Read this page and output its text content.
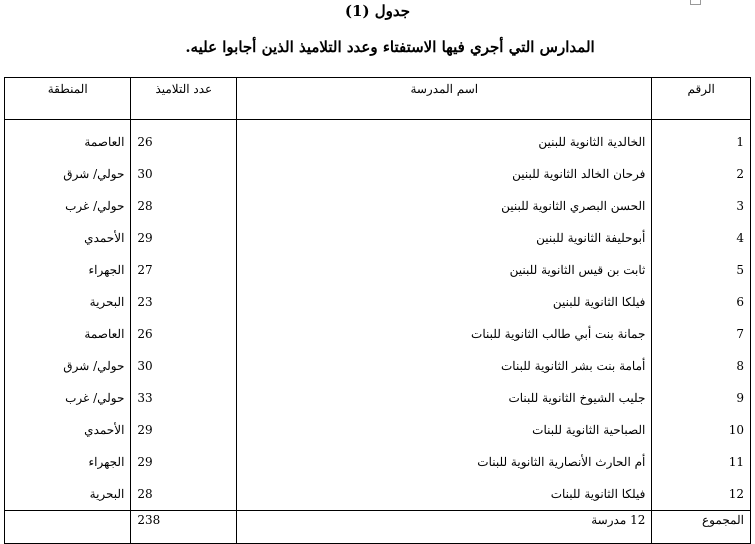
جدول (1)
المدارس التي أجري فيها الاستفتاء وعدد التلاميذ الذين أجابوا عليه.
الرقم	اسم المدرسة	عدد التلاميذ	المنطقة
1	الخالدية الثانوية للبنين	26	العاصمة
2	فرحان الخالد الثانوية للبنين	30	حولي/ شرق
3	الحسن البصري الثانوية للبنين	28	حولي/ غرب
4	أبوحليفة الثانوية للبنين	29	الأحمدي
5	ثابت بن قيس الثانوية للبنين	27	الجهراء
6	فيلكا الثانوية للبنين	23	البحرية
7	جمانة بنت أبي طالب الثانوية للبنات	26	العاصمة
8	أمامة بنت بشر الثانوية للبنات	30	حولي/ شرق
9	جليب الشيوخ الثانوية للبنات	33	حولي/ غرب
10	الصباحية الثانوية للبنات	29	الأحمدي
11	أم الحارث الأنصارية الثانوية للبنات	29	الجهراء
12	فيلكا الثانوية للبنات	28	البحرية
المجموع	12 مدرسة	238	
